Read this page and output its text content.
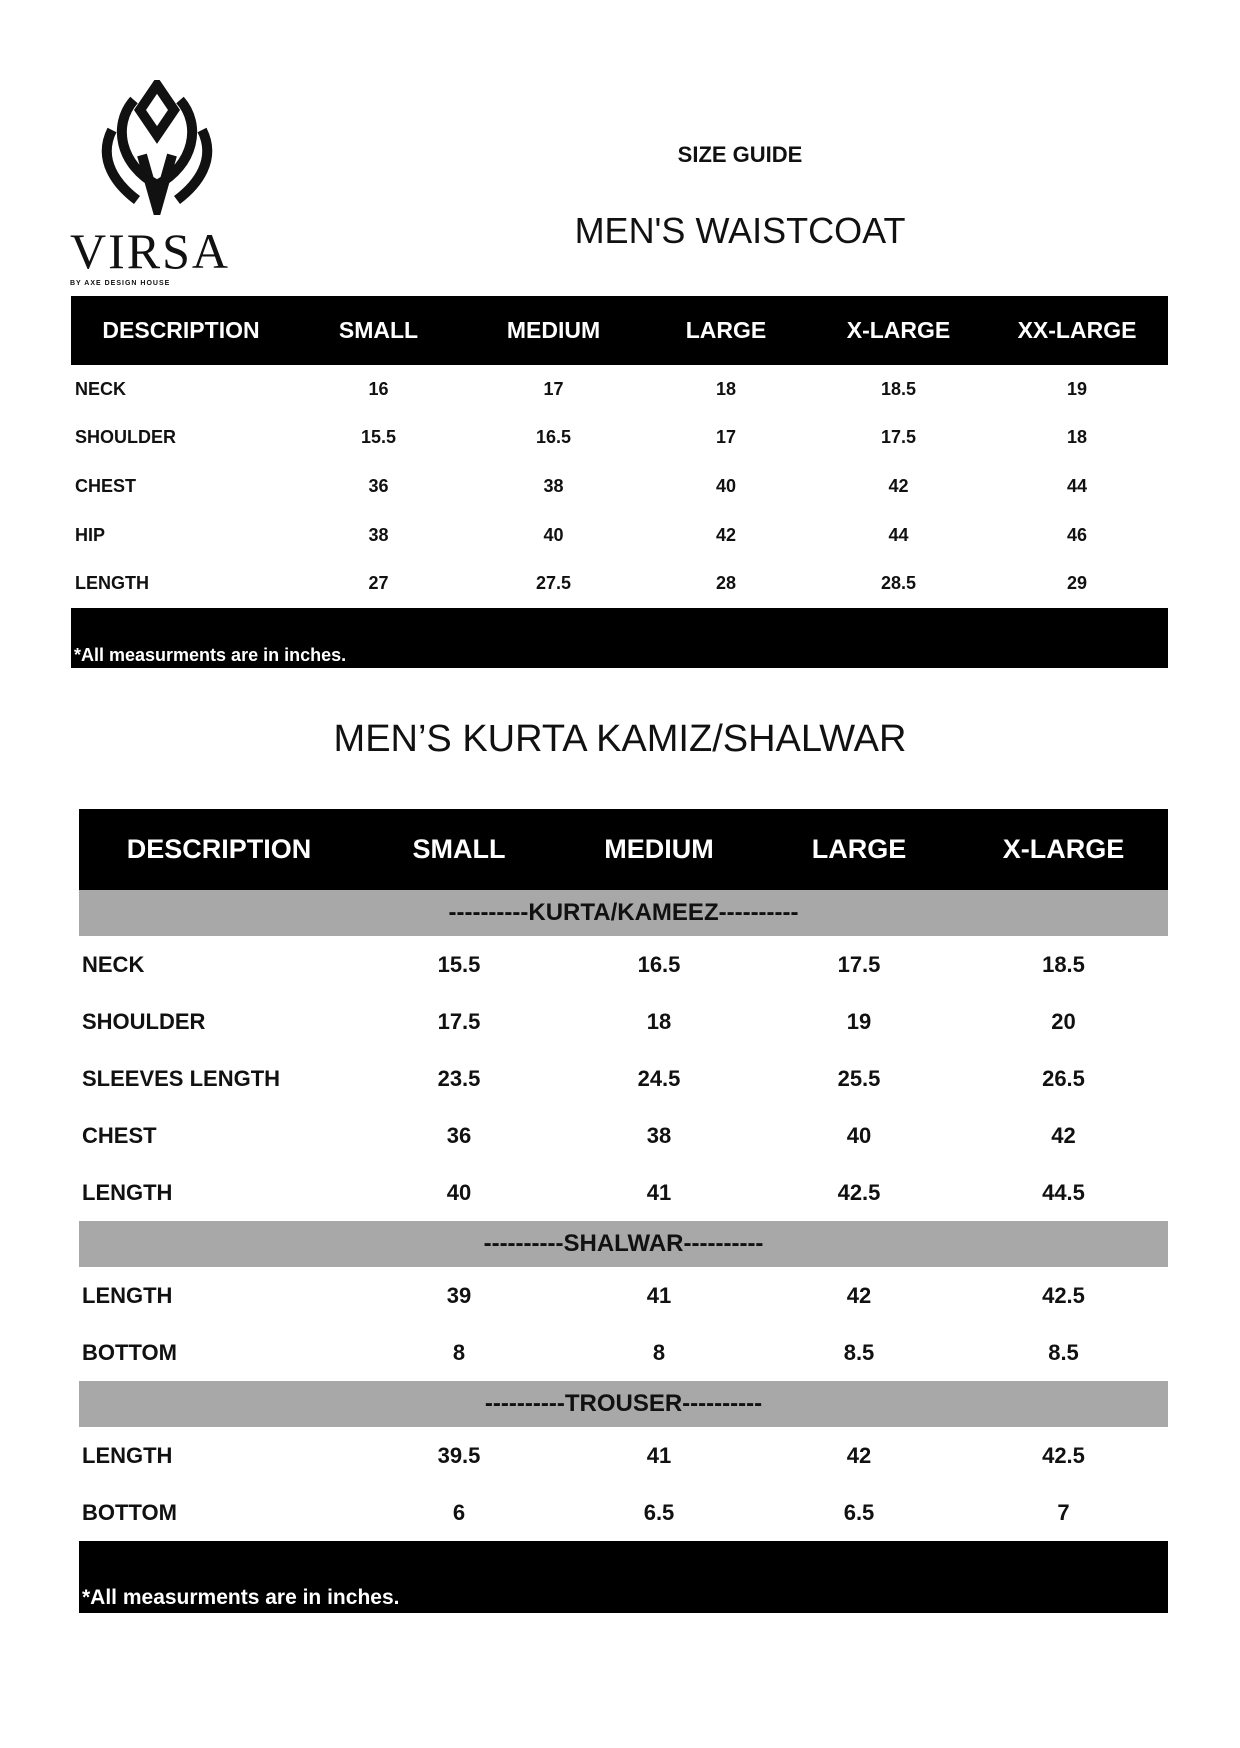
VIRSA
BY AXE DESIGN HOUSE
SIZE GUIDE
MEN'S WAISTCOAT
DESCRIPTION	SMALL	MEDIUM	LARGE	X-LARGE	XX-LARGE
NECK	16	17	18	18.5	19
SHOULDER	15.5	16.5	17	17.5	18
CHEST	36	38	40	42	44
HIP	38	40	42	44	46
LENGTH	27	27.5	28	28.5	29
*All measurments are in inches.					
MEN’S KURTA KAMIZ/SHALWAR
DESCRIPTION	SMALL	MEDIUM	LARGE	X-LARGE
----------KURTA/KAMEEZ----------				
NECK	15.5	16.5	17.5	18.5
SHOULDER	17.5	18	19	20
SLEEVES LENGTH	23.5	24.5	25.5	26.5
CHEST	36	38	40	42
LENGTH	40	41	42.5	44.5
----------SHALWAR----------				
LENGTH	39	41	42	42.5
BOTTOM	8	8	8.5	8.5
----------TROUSER----------				
LENGTH	39.5	41	42	42.5
BOTTOM	6	6.5	6.5	7
*All measurments are in inches.				
